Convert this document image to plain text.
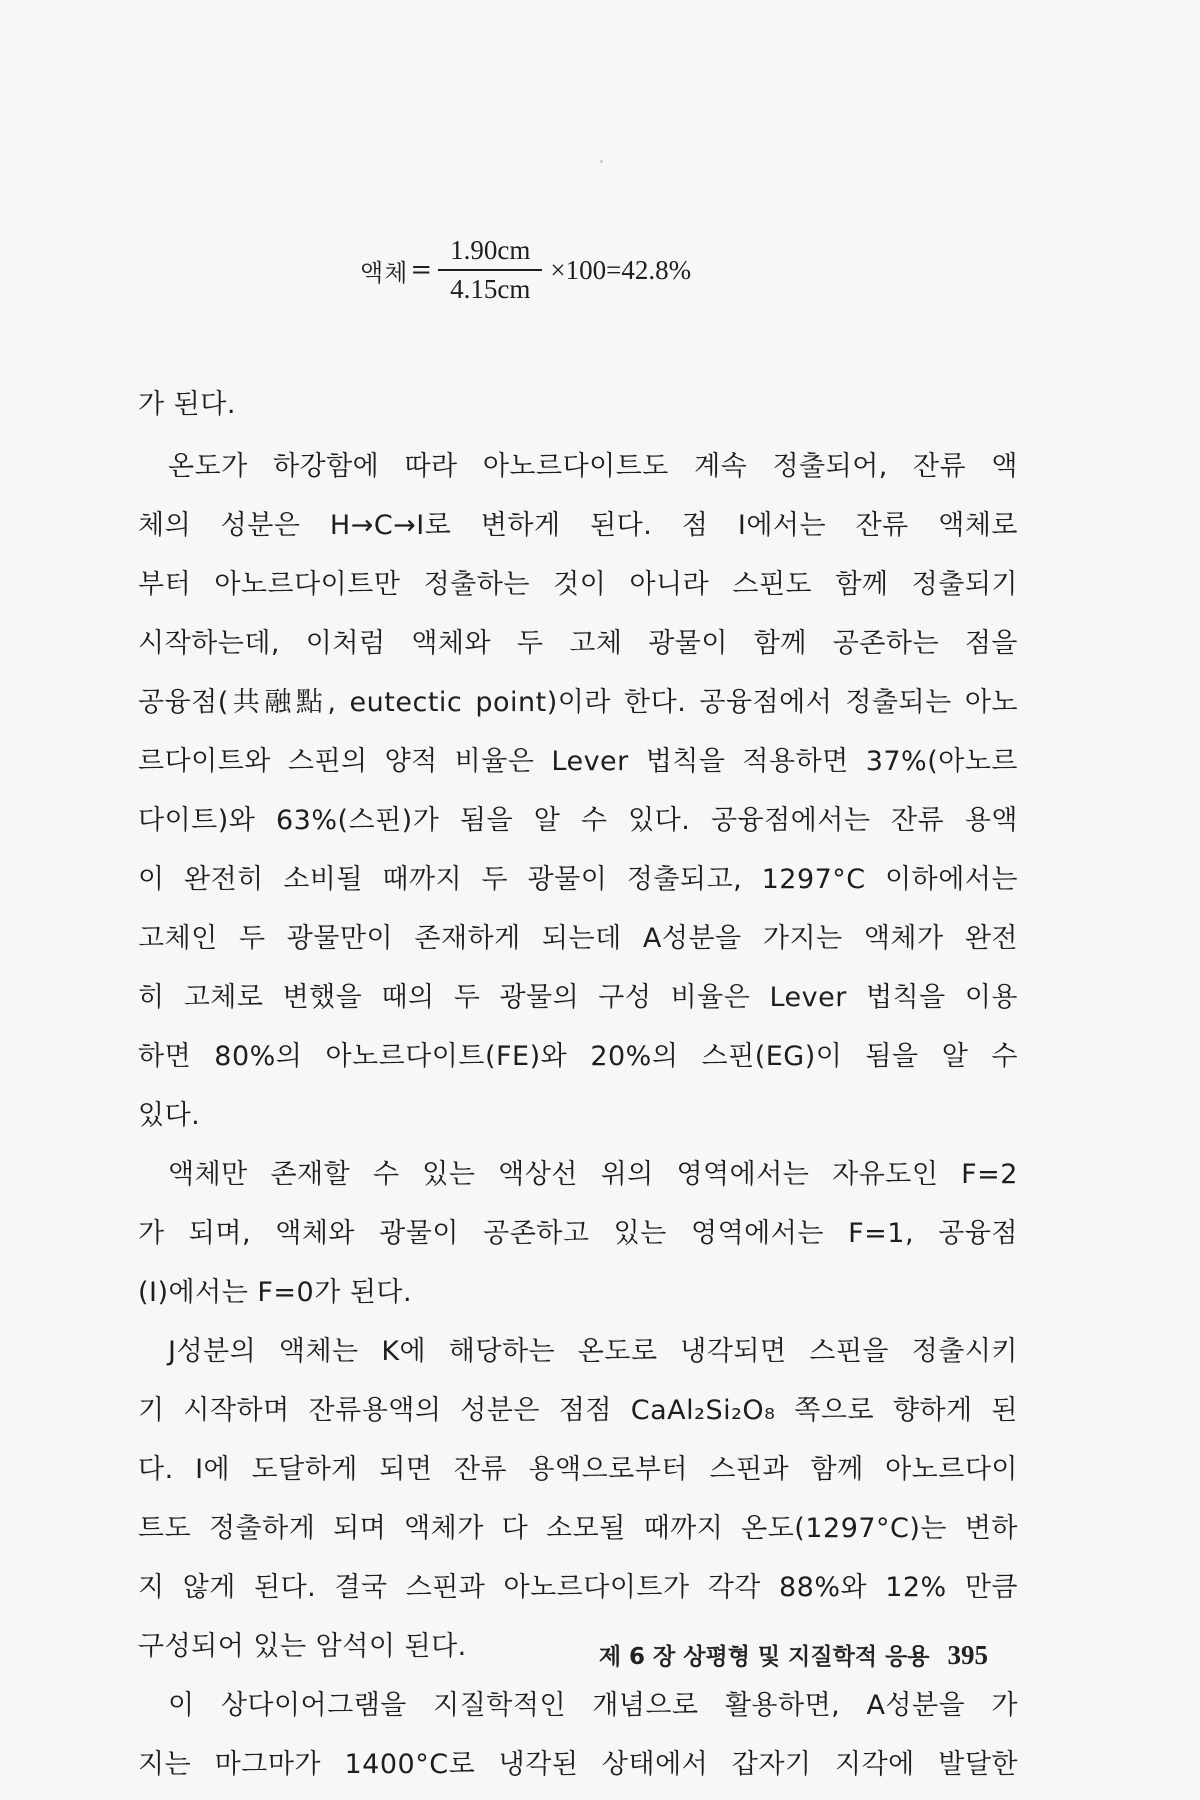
액체 = $\frac{1.90cm}{4.15cm} \times 100=42.8\%$
가 된다.
온도가 하강함에 따라 아노르다이트도 계속 정출되어, 잔류 액
체의 성분은 H→C→I로 변하게 된다. 점 I에서는 잔류 액체로
부터 아노르다이트만 정출하는 것이 아니라 스핀도 함께 정출되기
시작하는데, 이처럼 액체와 두 고체 광물이 함께 공존하는 점을
공융점(共融點, eutectic point)이라 한다. 공융점에서 정출되는 아노
르다이트와 스핀의 양적 비율은 Lever 법칙을 적용하면 37%(아노르
다이트)와 63%(스핀)가 됨을 알 수 있다. 공융점에서는 잔류 용액
이 완전히 소비될 때까지 두 광물이 정출되고, 1297°C 이하에서는
고체인 두 광물만이 존재하게 되는데 A성분을 가지는 액체가 완전
히 고체로 변했을 때의 두 광물의 구성 비율은 Lever 법칙을 이용
하면 80%의 아노르다이트(FE)와 20%의 스핀(EG)이 됨을 알 수
있다.
액체만 존재할 수 있는 액상선 위의 영역에서는 자유도인 F=2
가 되며, 액체와 광물이 공존하고 있는 영역에서는 F=1, 공융점
(I)에서는 F=0가 된다.
J성분의 액체는 K에 해당하는 온도로 냉각되면 스핀을 정출시키
기 시작하며 잔류용액의 성분은 점점 CaAl₂Si₂O₈ 쪽으로 향하게 된
다. I에 도달하게 되면 잔류 용액으로부터 스핀과 함께 아노르다이
트도 정출하게 되며 액체가 다 소모될 때까지 온도(1297°C)는 변하
지 않게 된다. 결국 스핀과 아노르다이트가 각각 88%와 12% 만큼
구성되어 있는 암석이 된다.
이 상다이어그램을 지질학적인 개념으로 활용하면, A성분을 가
지는 마그마가 1400°C로 냉각된 상태에서 갑자기 지각에 발달한
제 6 장 상평형 및 지질학적 응용 395
